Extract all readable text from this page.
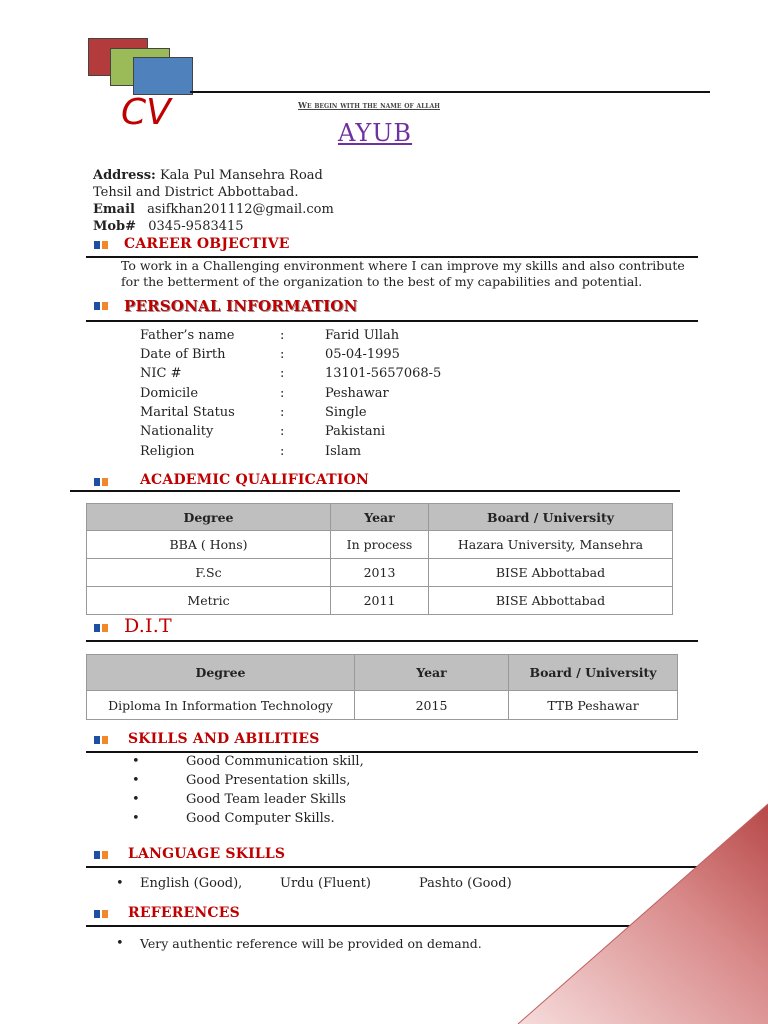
CV	We begin with the name of allah
AYUB
Address: Kala Pul Mansehra Road
Tehsil and District Abbottabad.
Email asifkhan201112@gmail.com
Mob# 0345-9583415
CAREER OBJECTIVE
To work in a Challenging environment where I can improve my skills and also contribute
for the betterment of the organization to the best of my capabilities and potential.
PERSONAL INFORMATION
Father’s name	:	Farid Ullah
Date of Birth	:	05-04-1995
NIC #	:	13101-5657068-5
Domicile	:	Peshawar
Marital Status	:	Single
Nationality	:	Pakistani
Religion	:	Islam
ACADEMIC QUALIFICATION
Degree	Year	Board / University
BBA ( Hons)	In process	Hazara University, Mansehra
F.Sc	2013	BISE Abbottabad
Metric	2011	BISE Abbottabad
D.I.T
Degree	Year	Board / University
Diploma In Information Technology	2015	TTB Peshawar
SKILLS AND ABILITIES
•	Good Communication skill,
•	Good Presentation skills,
•	Good Team leader Skills
•	Good Computer Skills.
LANGUAGE SKILLS
• English (Good),	Urdu (Fluent)	Pashto (Good)
REFERENCES
• Very authentic reference will be provided on demand.
